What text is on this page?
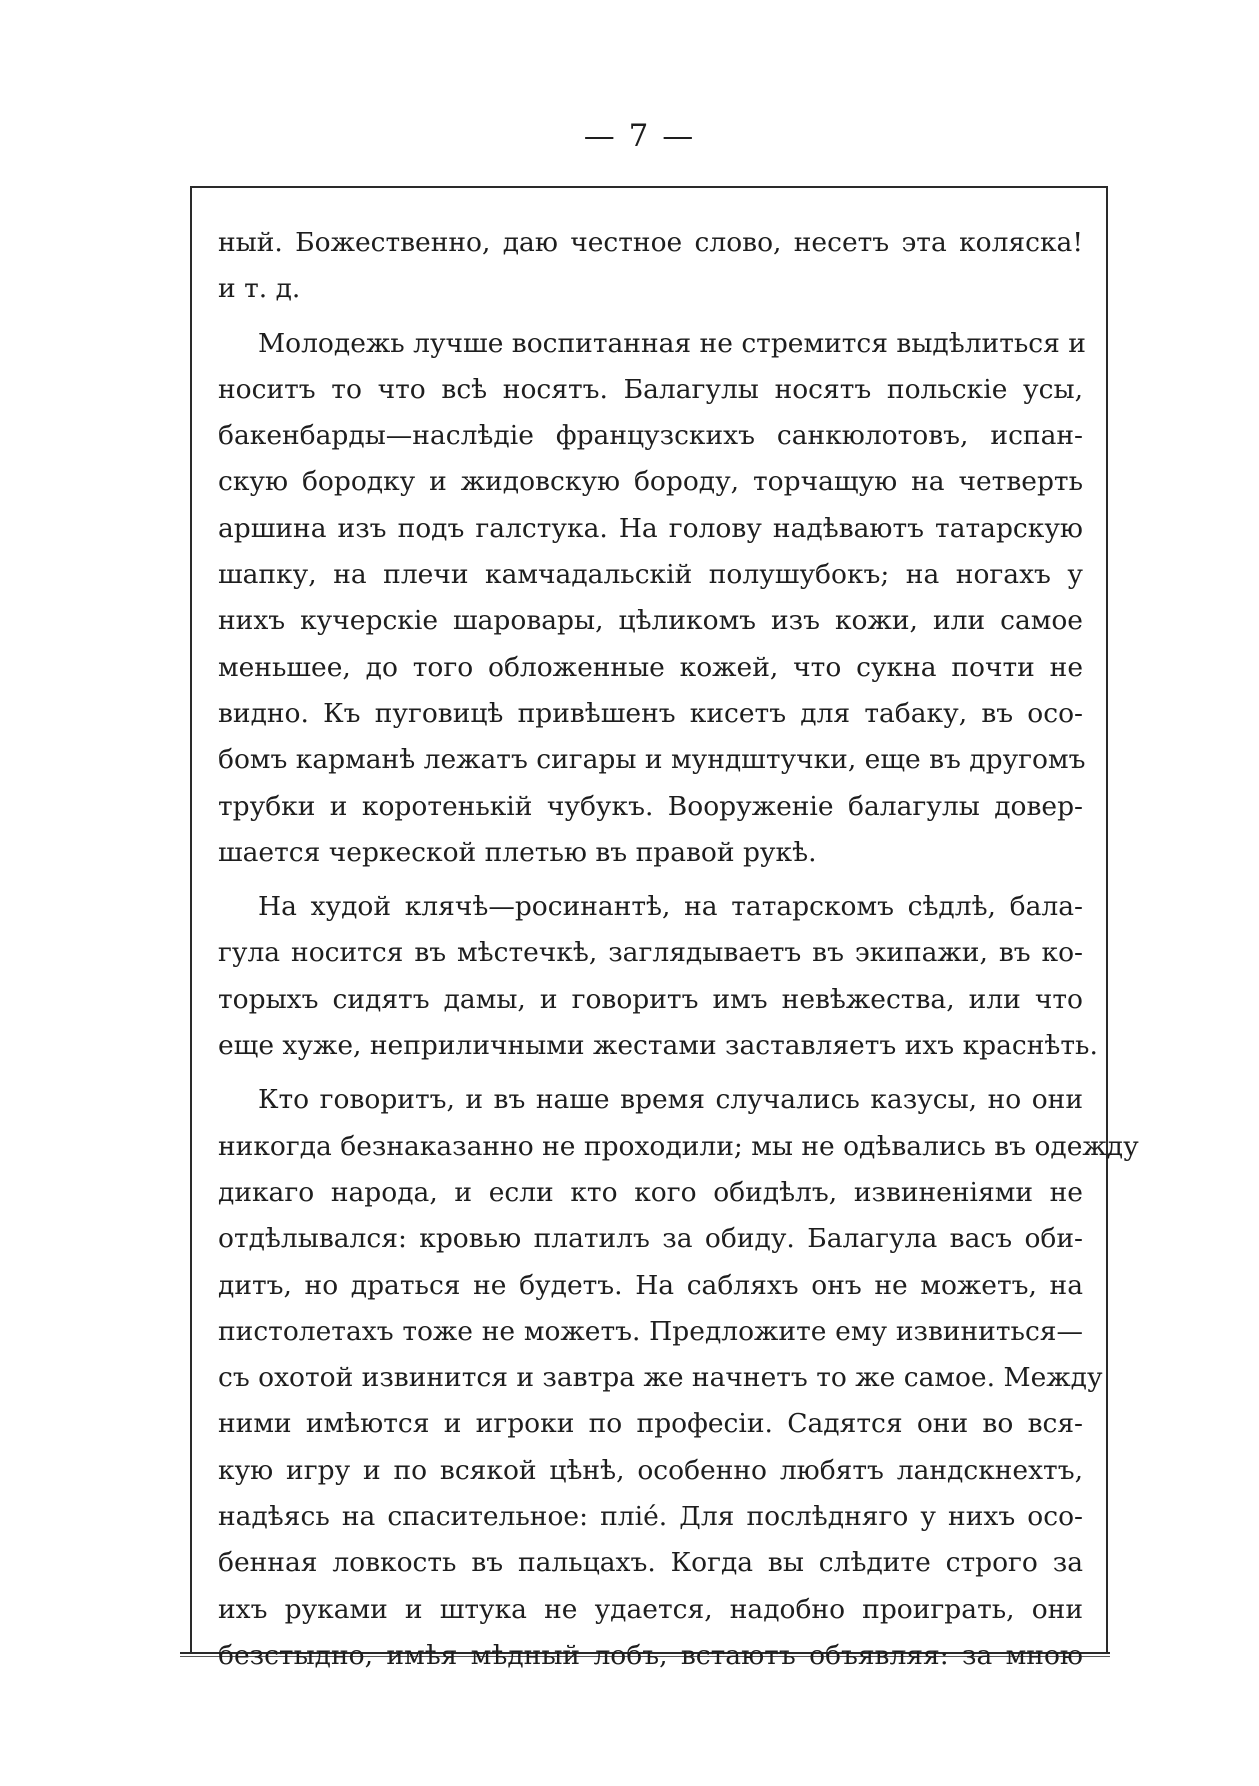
— 7 —
ный. Божественно, даю честное слово, несетъ эта коляска!
и т. д.
Молодежь лучше воспитанная не стремится выдѣлиться и
носитъ то что всѣ носятъ. Балагулы носятъ польскіе усы,
бакенбарды—наслѣдіе французскихъ санкюлотовъ, испан-
скую бородку и жидовскую бороду, торчащую на четверть
аршина изъ подъ галстука. На голову надѣваютъ татарскую
шапку, на плечи камчадальскій полушубокъ; на ногахъ у
нихъ кучерскіе шаровары, цѣликомъ изъ кожи, или самое
меньшее, до того обложенные кожей, что сукна почти не
видно. Къ пуговицѣ привѣшенъ кисетъ для табаку, въ осо-
бомъ карманѣ лежатъ сигары и мундштучки, еще въ другомъ
трубки и коротенькій чубукъ. Вооруженіе балагулы довер-
шается черкеской плетью въ правой рукѣ.
На худой клячѣ—росинантѣ, на татарскомъ сѣдлѣ, бала-
гула носится въ мѣстечкѣ, заглядываетъ въ экипажи, въ ко-
торыхъ сидятъ дамы, и говоритъ имъ невѣжества, или что
еще хуже, неприличными жестами заставляетъ ихъ краснѣть.
Кто говоритъ, и въ наше время случались казусы, но они
никогда безнаказанно не проходили; мы не одѣвались въ одежду
дикаго народа, и если кто кого обидѣлъ, извиненіями не
отдѣлывался: кровью платилъ за обиду. Балагула васъ оби-
дитъ, но драться не будетъ. На сабляхъ онъ не можетъ, на
пистолетахъ тоже не можетъ. Предложите ему извиниться—
съ охотой извинится и завтра же начнетъ то же самое. Между
ними имѣются и игроки по професіи. Садятся они во вся-
кую игру и по всякой цѣнѣ, особенно любятъ ландскнехтъ,
надѣясь на спасительное: плié. Для послѣдняго у нихъ осо-
бенная ловкость въ пальцахъ. Когда вы слѣдите строго за
ихъ руками и штука не удается, надобно проиграть, они
безстыдно, имѣя мѣдный лобъ, встаютъ объявляя: за мною
